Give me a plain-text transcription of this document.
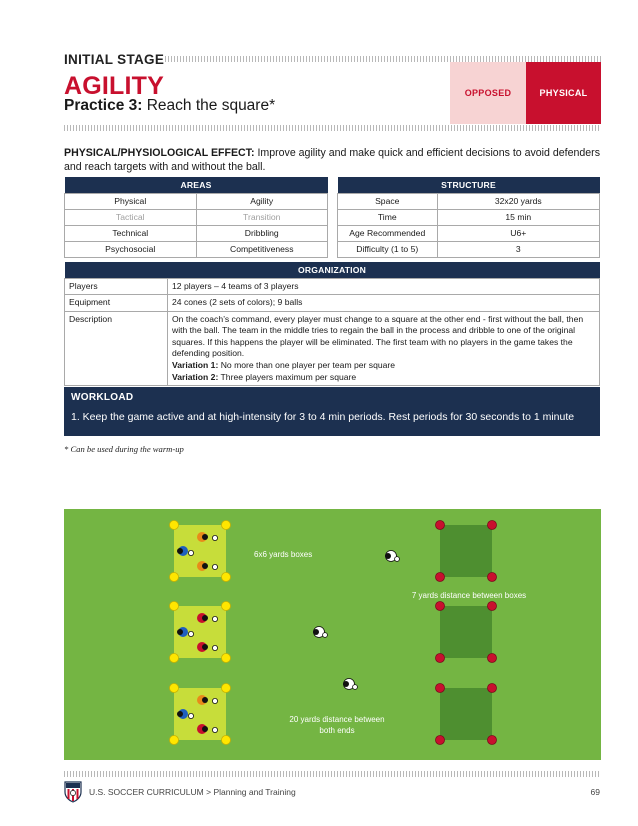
INITIAL STAGE
AGILITY
Practice 3: Reach the square*
OPPOSED	PHYSICAL
PHYSICAL/PHYSIOLOGICAL EFFECT: Improve agility and make quick and efficient decisions to avoid defenders and reach targets with and without the ball.
AREAS	
Physical	Agility
Tactical	Transition
Technical	Dribbling
Psychosocial	Competitiveness
STRUCTURE	
Space	32x20 yards
Time	15 min
Age Recommended	U6+
Difficulty (1 to 5)	3
ORGANIZATION	
Players	12 players – 4 teams of 3 players
Equipment	24 cones (2 sets of colors); 9 balls
Description	On the coach’s command, every player must change to a square at the other end - first without the ball, then with the ball. The team in the middle tries to regain the ball in the process and dribble to one of the original squares. If this happens the player will be eliminated. The first team with no players in the game takes the defending position.
Variation 1: No more than one player per team per square
Variation 2: Three players maximum per square
WORKLOAD
1. Keep the game active and at high-intensity for 3 to 4 min periods. Rest periods for 30 seconds to 1 minute
* Can be used during the warm-up
6x6 yards boxes
7 yards distance between boxes
20 yards distance between
both ends
U.S. SOCCER CURRICULUM > Planning and Training	69
